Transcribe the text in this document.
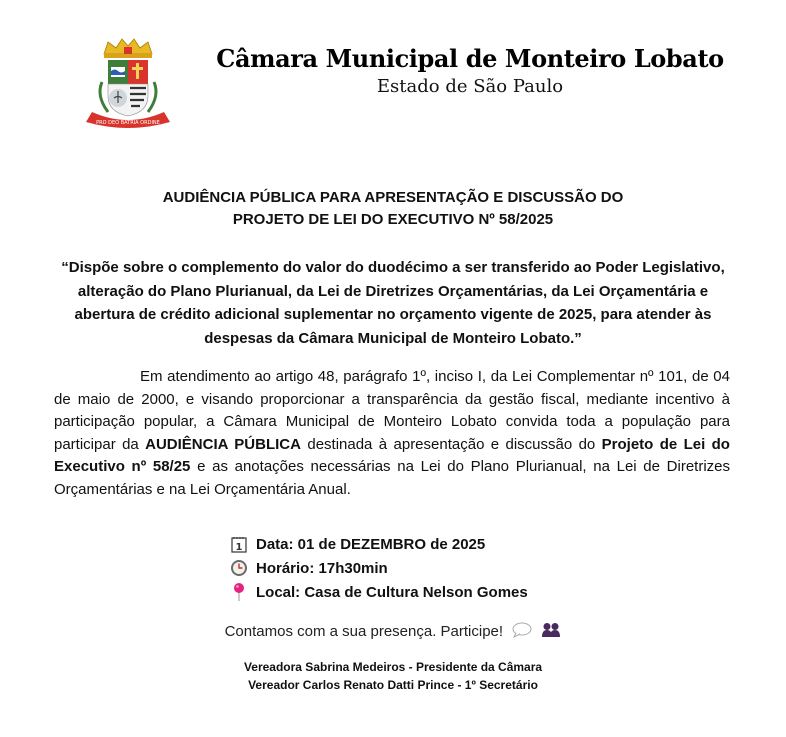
PRO DEO BATRIA ORDINE
Câmara Municipal de Monteiro Lobato
Estado de São Paulo
AUDIÊNCIA PÚBLICA PARA APRESENTAÇÃO E DISCUSSÃO DO
PROJETO DE LEI DO EXECUTIVO Nº 58/2025
“Dispõe sobre o complemento do valor do duodécimo a ser transferido ao Poder Legislativo, alteração do Plano Plurianual, da Lei de Diretrizes Orçamentárias, da Lei Orçamentária e abertura de crédito adicional suplementar no orçamento vigente de 2025, para atender às despesas da Câmara Municipal de Monteiro Lobato.”
Em atendimento ao artigo 48, parágrafo 1º, inciso I, da Lei Complementar nº 101, de 04 de maio de 2000, e visando proporcionar a transparência da gestão fiscal, mediante incentivo à participação popular, a Câmara Municipal de Monteiro Lobato convida toda a população para participar da AUDIÊNCIA PÚBLICA destinada à apresentação e discussão do Projeto de Lei do Executivo nº 58/25 e as anotações necessárias na Lei do Plano Plurianual, na Lei de Diretrizes Orçamentárias e na Lei Orçamentária Anual.
1 Data: 01 de DEZEMBRO de 2025
Horário: 17h30min
Local: Casa de Cultura Nelson Gomes
Contamos com a sua presença. Participe!
Vereadora Sabrina Medeiros - Presidente da Câmara
Vereador Carlos Renato Datti Prince - 1º Secretário
